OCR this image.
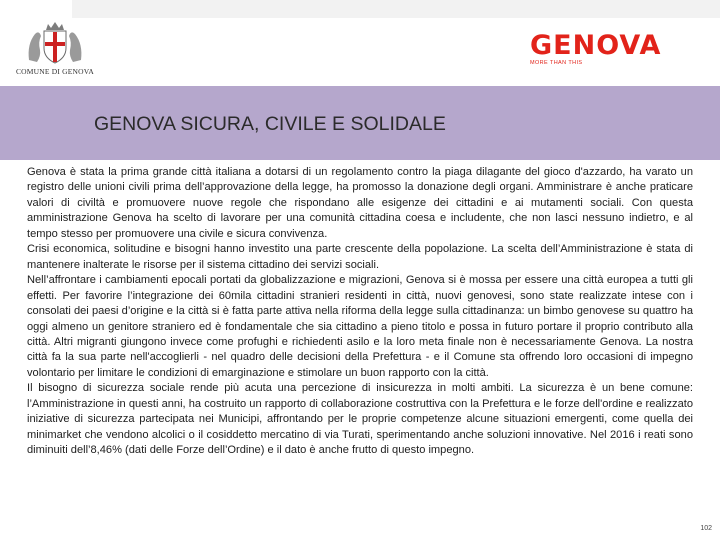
COMUNE DI GENOVA
GENOVA
MORE THAN THIS
GENOVA SICURA, CIVILE E SOLIDALE

Genova è stata la prima grande città italiana a dotarsi di un regolamento contro la piaga dilagante del gioco d'azzardo, ha varato un registro delle unioni civili prima dell’approvazione della legge, ha promosso la donazione degli organi. Amministrare è anche praticare valori di civiltà e promuovere nuove regole che rispondano alle esigenze dei cittadini e ai mutamenti sociali. Con questa amministrazione Genova ha scelto di lavorare per una comunità cittadina coesa e includente, che non lasci nessuno indietro, e al tempo stesso per promuovere una civile e sicura convivenza.

Crisi economica, solitudine e bisogni hanno investito una parte crescente della popolazione. La scelta dell’Amministrazione è stata di mantenere inalterate le risorse per il sistema cittadino dei servizi sociali.

Nell’affrontare i cambiamenti epocali portati da globalizzazione e migrazioni, Genova si è mossa per essere una città europea a tutti gli effetti. Per favorire l’integrazione dei 60mila cittadini stranieri residenti in città, nuovi genovesi, sono state realizzate intese con i consolati dei paesi d’origine e la città si è fatta parte attiva nella riforma della legge sulla cittadinanza: un bimbo genovese su quattro ha oggi almeno un genitore straniero ed è fondamentale che sia cittadino a pieno titolo e possa in futuro portare il proprio contributo alla città. Altri migranti giungono invece come profughi e richiedenti asilo e la loro meta finale non è necessariamente Genova. La nostra città fa la sua parte nell'accoglierli - nel quadro delle decisioni della Prefettura - e il Comune sta offrendo loro occasioni di impegno volontario per limitare le condizioni di emarginazione e stimolare un buon rapporto con la città.

Il bisogno di sicurezza sociale rende più acuta una percezione di insicurezza in molti ambiti. La sicurezza è un bene comune: l’Amministrazione in questi anni, ha costruito un rapporto di collaborazione costruttiva con la Prefettura e le forze dell'ordine e realizzato iniziative di sicurezza partecipata nei Municipi, affrontando per le proprie competenze alcune situazioni emergenti, come quella dei minimarket che vendono alcolici o il cosiddetto mercatino di via Turati, sperimentando anche soluzioni innovative. Nel 2016 i reati sono diminuiti dell’8,46% (dati delle Forze dell’Ordine) e il dato è anche frutto di questo impegno.

102
